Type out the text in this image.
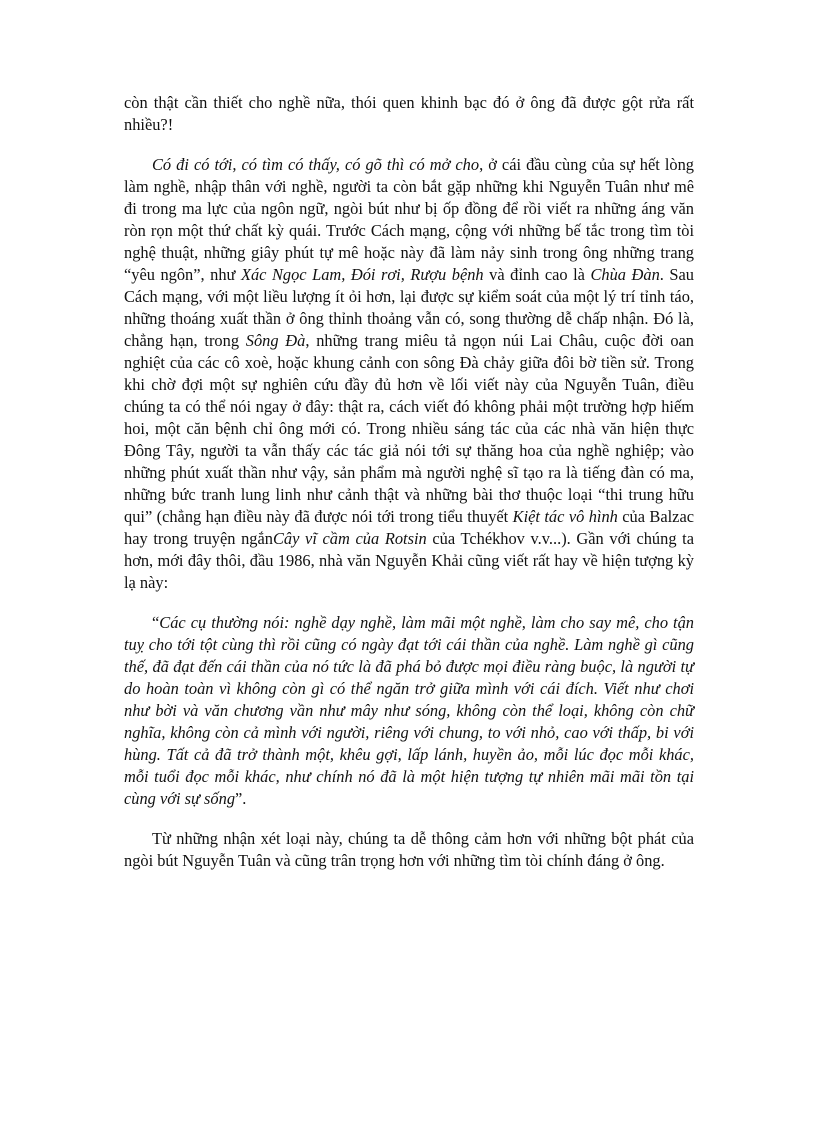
còn thật cần thiết cho nghề nữa, thói quen khinh bạc đó ở ông đã được gột rửa rất nhiều?!

Có đi có tới, có tìm có thấy, có gõ thì có mở cho, ở cái đầu cùng của sự hết lòng làm nghề, nhập thân với nghề, người ta còn bắt gặp những khi Nguyễn Tuân như mê đi trong ma lực của ngôn ngữ, ngòi bút như bị ốp đồng để rồi viết ra những áng văn ròn rọn một thứ chất kỳ quái. Trước Cách mạng, cộng với những bế tắc trong tìm tòi nghệ thuật, những giây phút tự mê hoặc này đã làm nảy sinh trong ông những trang “yêu ngôn”, như Xác Ngọc Lam, Đói rơi, Rượu bệnh và đỉnh cao là Chùa Đàn. Sau Cách mạng, với một liều lượng ít ỏi hơn, lại được sự kiểm soát của một lý trí tỉnh táo, những thoáng xuất thần ở ông thỉnh thoảng vẫn có, song thường dễ chấp nhận. Đó là, chẳng hạn, trong Sông Đà, những trang miêu tả ngọn núi Lai Châu, cuộc đời oan nghiệt của các cô xoè, hoặc khung cảnh con sông Đà chảy giữa đôi bờ tiền sử. Trong khi chờ đợi một sự nghiên cứu đầy đủ hơn về lối viết này của Nguyễn Tuân, điều chúng ta có thể nói ngay ở đây: thật ra, cách viết đó không phải một trường hợp hiếm hoi, một căn bệnh chỉ ông mới có. Trong nhiều sáng tác của các nhà văn hiện thực Đông Tây, người ta vẫn thấy các tác giả nói tới sự thăng hoa của nghề nghiệp; vào những phút xuất thần như vậy, sản phẩm mà người nghệ sĩ tạo ra là tiếng đàn có ma, những bức tranh lung linh như cảnh thật và những bài thơ thuộc loại “thi trung hữu qui” (chẳng hạn điều này đã được nói tới trong tiểu thuyết Kiệt tác vô hình của Balzac hay trong truyện ngắnCây vĩ cầm của Rotsin của Tchékhov v.v...). Gần với chúng ta hơn, mới đây thôi, đầu 1986, nhà văn Nguyễn Khải cũng viết rất hay về hiện tượng kỳ lạ này:

“Các cụ thường nói: nghề dạy nghề, làm mãi một nghề, làm cho say mê, cho tận tuỵ cho tới tột cùng thì rồi cũng có ngày đạt tới cái thần của nghề. Làm nghề gì cũng thế, đã đạt đến cái thần của nó tức là đã phá bỏ được mọi điều ràng buộc, là người tự do hoàn toàn vì không còn gì có thể ngăn trở giữa mình với cái đích. Viết như chơi như bời và văn chương vần như mây như sóng, không còn thể loại, không còn chữ nghĩa, không còn cả mình với người, riêng với chung, to với nhỏ, cao với thấp, bi với hùng. Tất cả đã trở thành một, khêu gợi, lấp lánh, huyền ảo, mỗi lúc đọc mỗi khác, mỗi tuổi đọc mỗi khác, như chính nó đã là một hiện tượng tự nhiên mãi mãi tồn tại cùng với sự sống”.

Từ những nhận xét loại này, chúng ta dễ thông cảm hơn với những bột phát của ngòi bút Nguyễn Tuân và cũng trân trọng hơn với những tìm tòi chính đáng ở ông.
